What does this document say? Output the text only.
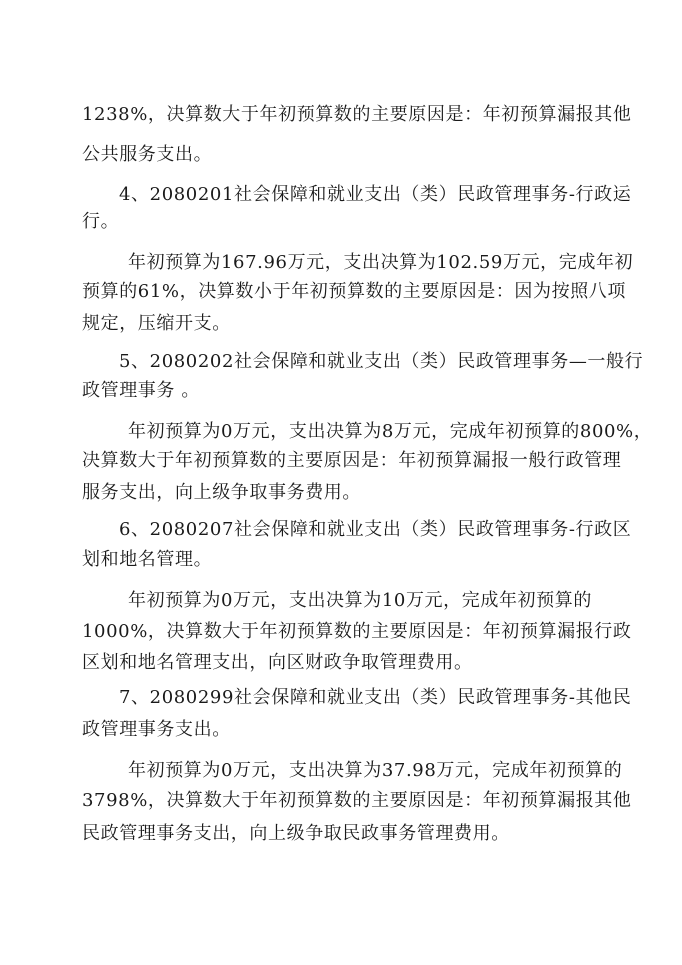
1238%，决算数大于年初预算数的主要原因是：年初预算漏报其他
公共服务支出。
4、2080201社会保障和就业支出（类）民政管理事务-行政运
行。
年初预算为167.96万元，支出决算为102.59万元，完成年初
预算的61%，决算数小于年初预算数的主要原因是：因为按照八项
规定，压缩开支。
5、2080202社会保障和就业支出（类）民政管理事务—一般行
政管理事务 。
年初预算为0万元，支出决算为8万元，完成年初预算的800%，
决算数大于年初预算数的主要原因是：年初预算漏报一般行政管理
服务支出，向上级争取事务费用。
6、2080207社会保障和就业支出（类）民政管理事务-行政区
划和地名管理。
年初预算为0万元，支出决算为10万元，完成年初预算的
1000%，决算数大于年初预算数的主要原因是：年初预算漏报行政
区划和地名管理支出，向区财政争取管理费用。
7、2080299社会保障和就业支出（类）民政管理事务-其他民
政管理事务支出。
年初预算为0万元，支出决算为37.98万元，完成年初预算的
3798%，决算数大于年初预算数的主要原因是：年初预算漏报其他
民政管理事务支出，向上级争取民政事务管理费用。
